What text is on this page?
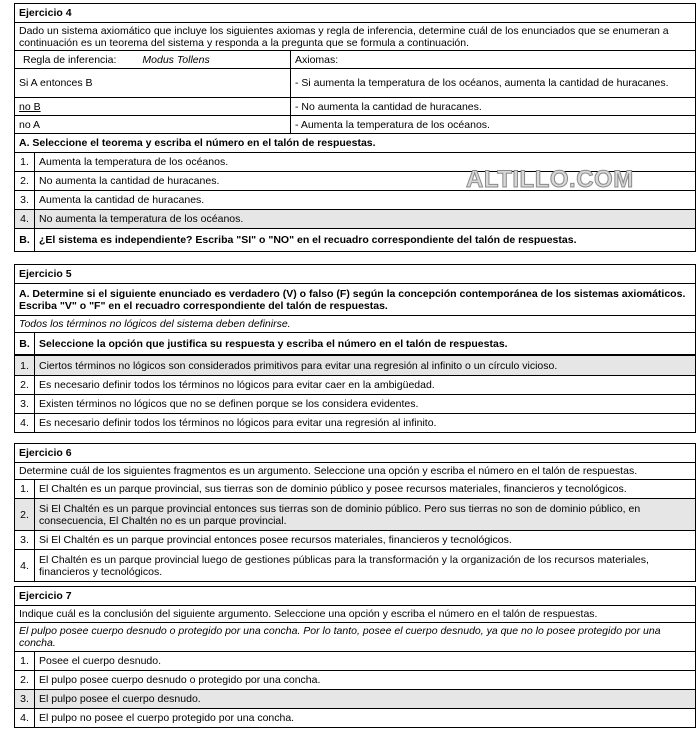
Ejercicio 4
Dado un sistema axiomático que incluye los siguientes axiomas y regla de inferencia, determine cuál de los enunciados que se enumeran a continuación es un teorema del sistema y responda a la pregunta que se formula a continuación.
Regla de inferencia: Modus Tollens
Si A entonces B
no B
no A
Axiomas:
- Si aumenta la temperatura de los océanos, aumenta la cantidad de huracanes.
- No aumenta la cantidad de huracanes.
- Aumenta la temperatura de los océanos.
A. Seleccione el teorema y escriba el número en el talón de respuestas.
1. Aumenta la temperatura de los océanos.
2. No aumenta la cantidad de huracanes.
3. Aumenta la cantidad de huracanes.
4. No aumenta la temperatura de los océanos.
B. ¿El sistema es independiente? Escriba "SI" o "NO" en el recuadro correspondiente del talón de respuestas.
ALTILLO.COM
Ejercicio 5
A. Determine si el siguiente enunciado es verdadero (V) o falso (F) según la concepción contemporánea de los sistemas axiomáticos. Escriba "V" o "F" en el recuadro correspondiente del talón de respuestas.
Todos los términos no lógicos del sistema deben definirse.
B. Seleccione la opción que justifica su respuesta y escriba el número en el talón de respuestas.
1. Ciertos términos no lógicos son considerados primitivos para evitar una regresión al infinito o un círculo vicioso.
2. Es necesario definir todos los términos no lógicos para evitar caer en la ambigüedad.
3. Existen términos no lógicos que no se definen porque se los considera evidentes.
4. Es necesario definir todos los términos no lógicos para evitar una regresión al infinito.
Ejercicio 6
Determine cuál de los siguientes fragmentos es un argumento. Seleccione una opción y escriba el número en el talón de respuestas.
1. El Chaltén es un parque provincial, sus tierras son de dominio público y posee recursos materiales, financieros y tecnológicos.
2. Si El Chaltén es un parque provincial entonces sus tierras son de dominio público. Pero sus tierras no son de dominio público, en consecuencia, El Chaltén no es un parque provincial.
3. Si El Chaltén es un parque provincial entonces posee recursos materiales, financieros y tecnológicos.
4. El Chaltén es un parque provincial luego de gestiones públicas para la transformación y la organización de los recursos materiales, financieros y tecnológicos.
Ejercicio 7
Indique cuál es la conclusión del siguiente argumento. Seleccione una opción y escriba el número en el talón de respuestas.
El pulpo posee cuerpo desnudo o protegido por una concha. Por lo tanto, posee el cuerpo desnudo, ya que no lo posee protegido por una concha.
1. Posee el cuerpo desnudo.
2. El pulpo posee cuerpo desnudo o protegido por una concha.
3. El pulpo posee el cuerpo desnudo.
4. El pulpo no posee el cuerpo protegido por una concha.
